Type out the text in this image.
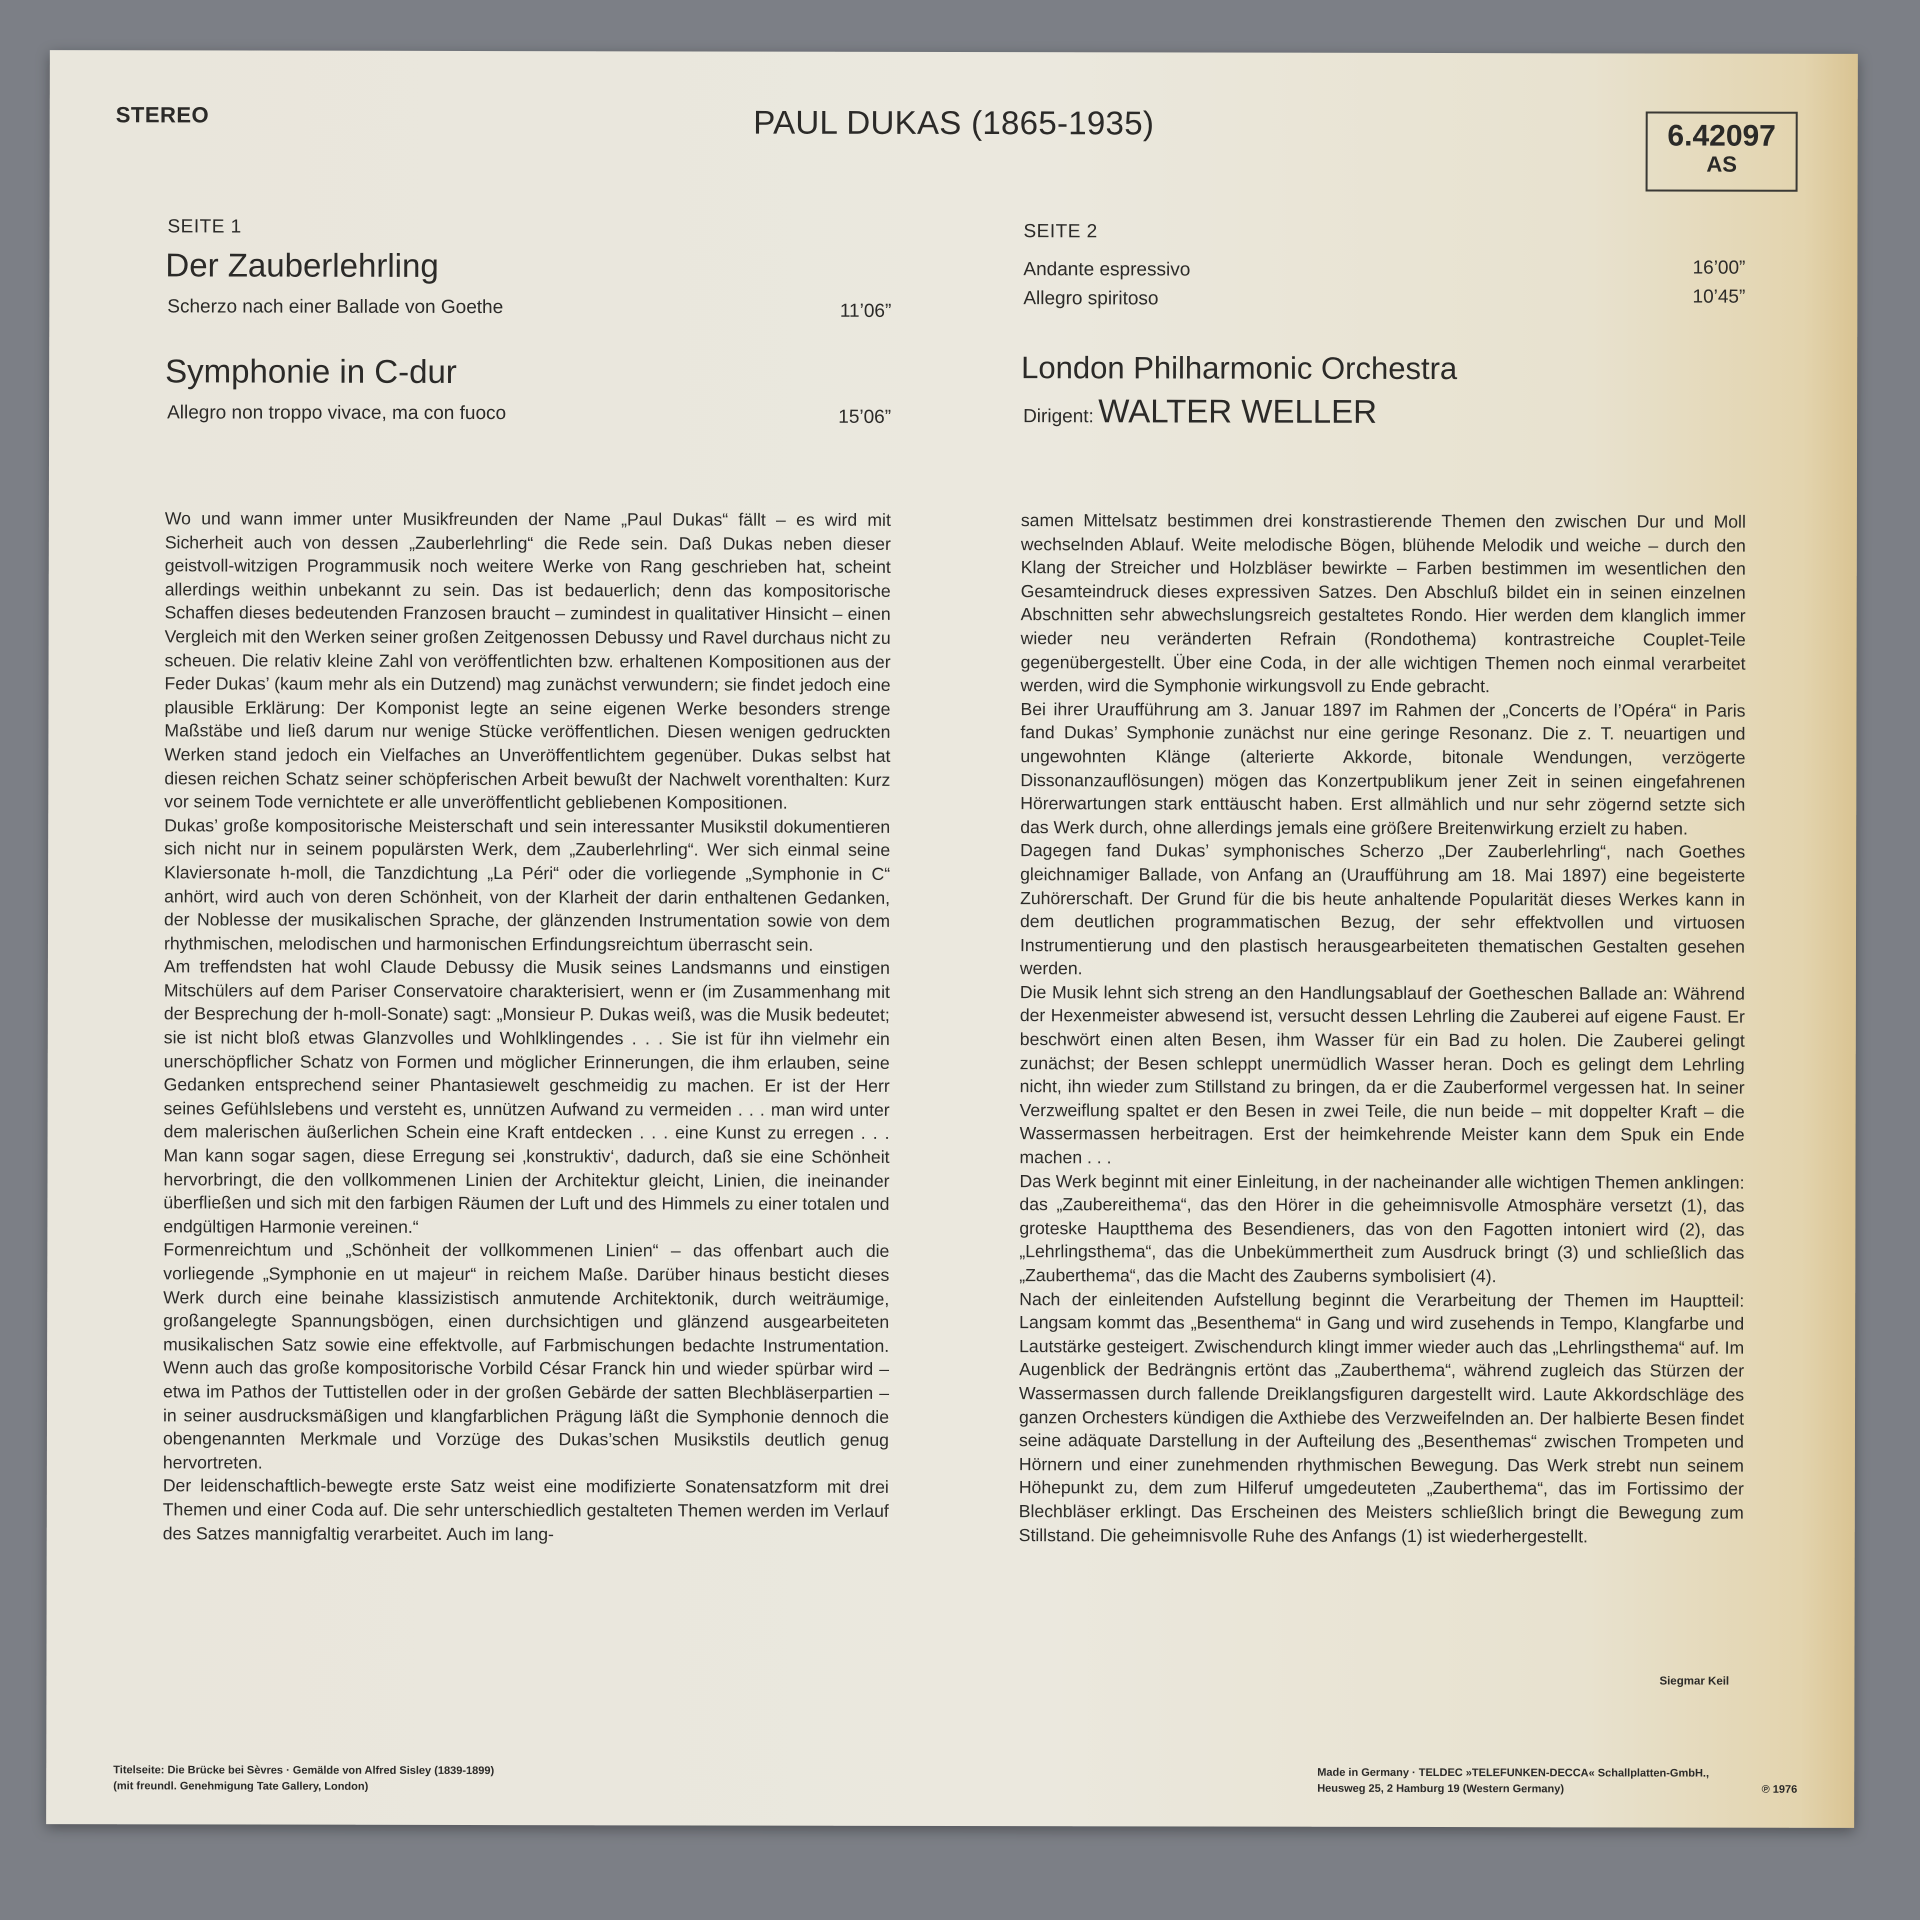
STEREO	PAUL DUKAS (1865-1935)	6.42097
AS
SEITE 1
Der Zauberlehrling
Scherzo nach einer Ballade von Goethe	11’06”
Symphonie in C-dur
Allegro non troppo vivace, ma con fuoco	15’06”
SEITE 2
Andante espressivo	16’00”
Allegro spiritoso	10’45”
London Philharmonic Orchestra
Dirigent: WALTER WELLER

Wo und wann immer unter Musikfreunden der Name „Paul Dukas“ fällt – es wird mit Sicherheit auch von dessen „Zauberlehrling“ die Rede sein. Daß Dukas neben dieser geistvoll-witzigen Programmusik noch weitere Werke von Rang geschrieben hat, scheint allerdings weithin unbekannt zu sein. Das ist bedauerlich; denn das kompositorische Schaffen dieses bedeutenden Franzosen braucht – zumindest in qualitativer Hinsicht – einen Vergleich mit den Werken seiner großen Zeitgenossen Debussy und Ravel durchaus nicht zu scheuen. Die relativ kleine Zahl von veröffentlichten bzw. erhaltenen Kompositionen aus der Feder Dukas’ (kaum mehr als ein Dutzend) mag zunächst verwundern; sie findet jedoch eine plausible Erklärung: Der Komponist legte an seine eigenen Werke besonders strenge Maßstäbe und ließ darum nur wenige Stücke veröffentlichen. Diesen wenigen gedruckten Werken stand jedoch ein Vielfaches an Unveröffentlichtem gegenüber. Dukas selbst hat diesen reichen Schatz seiner schöpferischen Arbeit bewußt der Nachwelt vorenthalten: Kurz vor seinem Tode vernichtete er alle unveröffentlicht gebliebenen Kompositionen.

Dukas’ große kompositorische Meisterschaft und sein interessanter Musikstil dokumentieren sich nicht nur in seinem populärsten Werk, dem „Zauberlehrling“. Wer sich einmal seine Klaviersonate h-moll, die Tanzdichtung „La Péri“ oder die vorliegende „Symphonie in C“ anhört, wird auch von deren Schönheit, von der Klarheit der darin enthaltenen Gedanken, der Noblesse der musikalischen Sprache, der glänzenden Instrumentation sowie von dem rhythmischen, melodischen und harmonischen Erfindungsreichtum überrascht sein.

Am treffendsten hat wohl Claude Debussy die Musik seines Landsmanns und einstigen Mitschülers auf dem Pariser Conservatoire charakterisiert, wenn er (im Zusammenhang mit der Besprechung der h-moll-Sonate) sagt: „Monsieur P. Dukas weiß, was die Musik bedeutet; sie ist nicht bloß etwas Glanzvolles und Wohlklingendes . . . Sie ist für ihn vielmehr ein unerschöpflicher Schatz von Formen und möglicher Erinnerungen, die ihm erlauben, seine Gedanken entsprechend seiner Phantasiewelt geschmeidig zu machen. Er ist der Herr seines Gefühlslebens und versteht es, unnützen Aufwand zu vermeiden . . . man wird unter dem malerischen äußerlichen Schein eine Kraft entdecken . . . eine Kunst zu erregen . . . Man kann sogar sagen, diese Erregung sei ‚konstruktiv‘, dadurch, daß sie eine Schönheit hervorbringt, die den vollkommenen Linien der Architektur gleicht, Linien, die ineinander überfließen und sich mit den farbigen Räumen der Luft und des Himmels zu einer totalen und endgültigen Harmonie vereinen.“

Formenreichtum und „Schönheit der vollkommenen Linien“ – das offenbart auch die vorliegende „Symphonie en ut majeur“ in reichem Maße. Darüber hinaus besticht dieses Werk durch eine beinahe klassizistisch anmutende Architektonik, durch weiträumige, großangelegte Spannungsbögen, einen durchsichtigen und glänzend ausgearbeiteten musikalischen Satz sowie eine effektvolle, auf Farbmischungen bedachte Instrumentation. Wenn auch das große kompositorische Vorbild César Franck hin und wieder spürbar wird – etwa im Pathos der Tuttistellen oder in der großen Gebärde der satten Blechbläserpartien – in seiner ausdrucksmäßigen und klangfarblichen Prägung läßt die Symphonie dennoch die obengenannten Merkmale und Vorzüge des Dukas’schen Musikstils deutlich genug hervortreten.

Der leidenschaftlich-bewegte erste Satz weist eine modifizierte Sonatensatzform mit drei Themen und einer Coda auf. Die sehr unterschiedlich gestalteten Themen werden im Verlauf des Satzes mannigfaltig verarbeitet. Auch im lang-

samen Mittelsatz bestimmen drei konstrastierende Themen den zwischen Dur und Moll wechselnden Ablauf. Weite melodische Bögen, blühende Melodik und weiche – durch den Klang der Streicher und Holzbläser bewirkte – Farben bestimmen im wesentlichen den Gesamteindruck dieses expressiven Satzes. Den Abschluß bildet ein in seinen einzelnen Abschnitten sehr abwechslungsreich gestaltetes Rondo. Hier werden dem klanglich immer wieder neu veränderten Refrain (Rondothema) kontrastreiche Couplet-Teile gegenübergestellt. Über eine Coda, in der alle wichtigen Themen noch einmal verarbeitet werden, wird die Symphonie wirkungsvoll zu Ende gebracht.

Bei ihrer Uraufführung am 3. Januar 1897 im Rahmen der „Concerts de l’Opéra“ in Paris fand Dukas’ Symphonie zunächst nur eine geringe Resonanz. Die z. T. neuartigen und ungewohnten Klänge (alterierte Akkorde, bitonale Wendungen, verzögerte Dissonanzauflösungen) mögen das Konzertpublikum jener Zeit in seinen eingefahrenen Hörerwartungen stark enttäuscht haben. Erst allmählich und nur sehr zögernd setzte sich das Werk durch, ohne allerdings jemals eine größere Breitenwirkung erzielt zu haben.

Dagegen fand Dukas’ symphonisches Scherzo „Der Zauberlehrling“, nach Goethes gleichnamiger Ballade, von Anfang an (Uraufführung am 18. Mai 1897) eine begeisterte Zuhörerschaft. Der Grund für die bis heute anhaltende Popularität dieses Werkes kann in dem deutlichen programmatischen Bezug, der sehr effektvollen und virtuosen Instrumentierung und den plastisch herausgearbeiteten thematischen Gestalten gesehen werden.

Die Musik lehnt sich streng an den Handlungsablauf der Goetheschen Ballade an: Während der Hexenmeister abwesend ist, versucht dessen Lehrling die Zauberei auf eigene Faust. Er beschwört einen alten Besen, ihm Wasser für ein Bad zu holen. Die Zauberei gelingt zunächst; der Besen schleppt unermüdlich Wasser heran. Doch es gelingt dem Lehrling nicht, ihn wieder zum Stillstand zu bringen, da er die Zauberformel vergessen hat. In seiner Verzweiflung spaltet er den Besen in zwei Teile, die nun beide – mit doppelter Kraft – die Wassermassen herbeitragen. Erst der heimkehrende Meister kann dem Spuk ein Ende machen . . .

Das Werk beginnt mit einer Einleitung, in der nacheinander alle wichtigen Themen anklingen: das „Zaubereithema“, das den Hörer in die geheimnisvolle Atmosphäre versetzt (1), das groteske Hauptthema des Besendieners, das von den Fagotten intoniert wird (2), das „Lehrlingsthema“, das die Unbekümmertheit zum Ausdruck bringt (3) und schließlich das „Zauberthema“, das die Macht des Zauberns symbolisiert (4).

Nach der einleitenden Aufstellung beginnt die Verarbeitung der Themen im Hauptteil: Langsam kommt das „Besenthema“ in Gang und wird zusehends in Tempo, Klangfarbe und Lautstärke gesteigert. Zwischendurch klingt immer wieder auch das „Lehrlingsthema“ auf. Im Augenblick der Bedrängnis ertönt das „Zauberthema“, während zugleich das Stürzen der Wassermassen durch fallende Dreiklangsfiguren dargestellt wird. Laute Akkordschläge des ganzen Orchesters kündigen die Axthiebe des Verzweifelnden an. Der halbierte Besen findet seine adäquate Darstellung in der Aufteilung des „Besenthemas“ zwischen Trompeten und Hörnern und einer zunehmenden rhythmischen Bewegung. Das Werk strebt nun seinem Höhepunkt zu, dem zum Hilferuf umgedeuteten „Zauberthema“, das im Fortissimo der Blechbläser erklingt. Das Erscheinen des Meisters schließlich bringt die Bewegung zum Stillstand. Die geheimnisvolle Ruhe des Anfangs (1) ist wiederhergestellt.

Siegmar Keil
Titelseite: Die Brücke bei Sèvres · Gemälde von Alfred Sisley (1839-1899)
(mit freundl. Genehmigung Tate Gallery, London)
Made in Germany · TELDEC »TELEFUNKEN-DECCA« Schallplatten-GmbH.,
Heusweg 25, 2 Hamburg 19 (Western Germany)	℗ 1976
